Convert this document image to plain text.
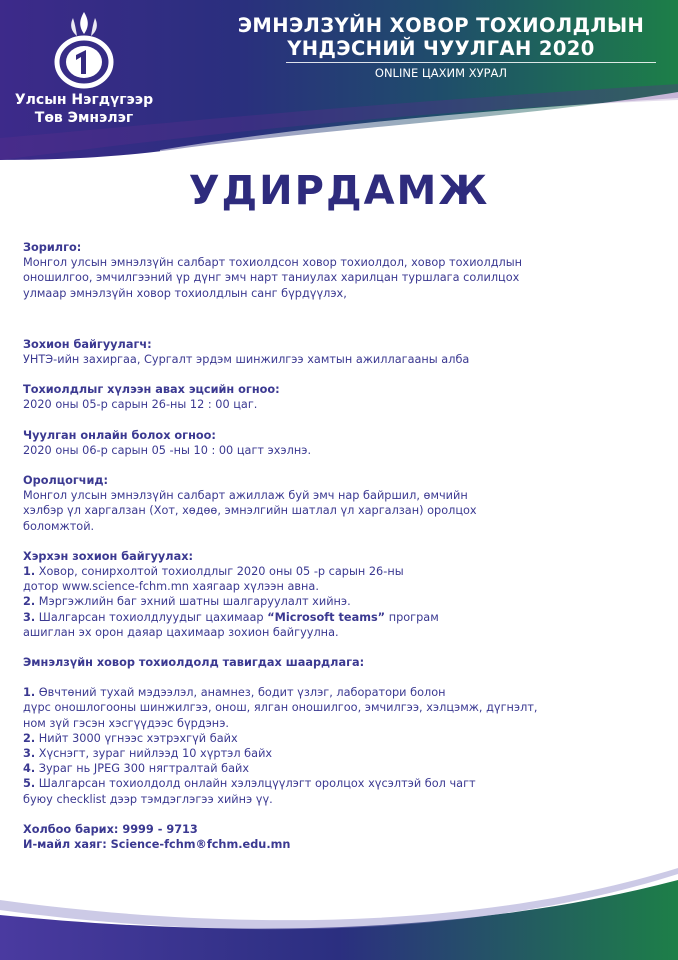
Улсын Нэгдүгээр
Төв Эмнэлэг
ЭМНЭЛЗҮЙН ХОВОР ТОХИОЛДЛЫН
ҮНДЭСНИЙ ЧУУЛГАН 2020
ONLINE ЦАХИМ ХУРАЛ
УДИРДАМЖ
Зорилго:
Монгол улсын эмнэлзүйн салбарт тохиолдсон ховор тохиолдол, ховор тохиолдлын
оношилгоо, эмчилгээний үр дүнг эмч нарт таниулах харилцан туршлага солилцох
улмаар эмнэлзүйн ховор тохиолдлын санг бүрдүүлэх,
Зохион байгуулагч:
УНТЭ-ийн захиргаа, Сургалт эрдэм шинжилгээ хамтын ажиллагааны алба
Тохиолдлыг хүлээн авах эцсийн огноо:
2020 оны 05-р сарын 26-ны 12 : 00 цаг.
Чуулган онлайн болох огноо:
2020 оны 06-р сарын 05 -ны 10 : 00 цагт эхэлнэ.
Оролцогчид:
Монгол улсын эмнэлзүйн салбарт ажиллаж буй эмч нар байршил, өмчийн
хэлбэр үл харгалзан (Хот, хөдөө, эмнэлгийн шатлал үл харгалзан) оролцох
боломжтой.
Хэрхэн зохион байгуулах:
1. Ховор, сонирхолтой тохиолдлыг 2020 оны 05 -р сарын 26-ны
дотор www.science-fchm.mn хаягаар хүлээн авна.
2. Мэргэжлийн баг эхний шатны шалгаруулалт хийнэ.
3. Шалгарсан тохиолдлуудыг цахимаар “Microsoft teams” програм
ашиглан эх орон даяар цахимаар зохион байгуулна.
Эмнэлзүйн ховор тохиолдолд тавигдах шаардлага:
1. Өвчтөний тухай мэдээлэл, анамнез, бодит үзлэг, лаборатори болон
дүрс оношлогооны шинжилгээ, онош, ялган оношилгоо, эмчилгээ, хэлцэмж, дүгнэлт,
ном зүй гэсэн хэсгүүдээс бүрдэнэ.
2. Нийт 3000 үгнээс хэтрэхгүй байх
3. Хүснэгт, зураг нийлээд 10 хүртэл байх
4. Зураг нь JPEG 300 нягтралтай байх
5. Шалгарсан тохиолдолд онлайн хэлэлцүүлэгт оролцох хүсэлтэй бол чагт
буюу checklist дээр тэмдэглэгээ хийнэ үү.
Холбоо барих: 9999 - 9713
И-майл хаяг: Science-fchm®fchm.edu.mn
